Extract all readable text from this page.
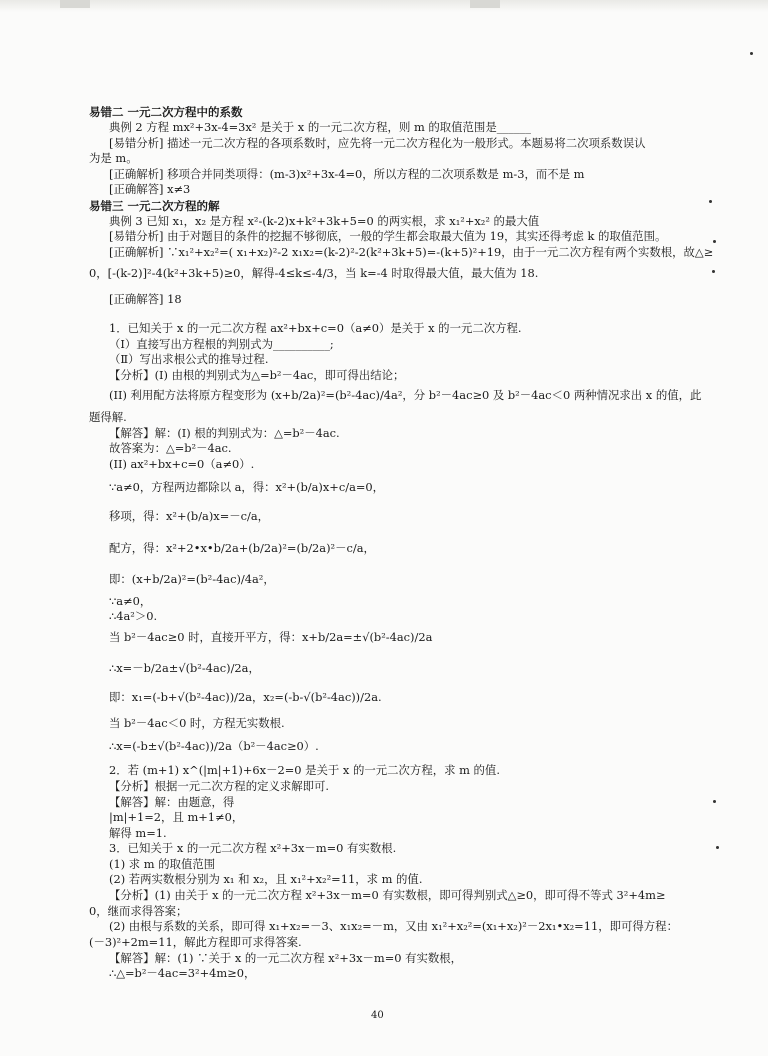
易错二 一元二次方程中的系数
典例 2 方程 mx²+3x-4=3x² 是关于 x 的一元二次方程，则 m 的取值范围是______
[易错分析] 描述一元二次方程的各项系数时，应先将一元二次方程化为一般形式。本题易将二次项系数误认
为是 m。
[正确解析] 移项合并同类项得：(m-3)x²+3x-4=0，所以方程的二次项系数是 m-3，而不是 m
[正确解答] x≠3
易错三 一元二次方程的解
典例 3 已知 x₁，x₂ 是方程 x²-(k-2)x+k²+3k+5=0 的两实根，求 x₁²+x₂² 的最大值
[易错分析] 由于对题目的条件的挖掘不够彻底，一般的学生都会取最大值为 19，其实还得考虑 k 的取值范围。
[正确解析] ∵x₁²+x₂²=( x₁+x₂)²-2 x₁x₂=(k-2)²-2(k²+3k+5)=-(k+5)²+19，由于一元二次方程有两个实数根，故△≥
0，[-(k-2)]²-4(k²+3k+5)≥0，解得-4≤k≤-4/3，当 k=-4 时取得最大值，最大值为 18.
[正确解答] 18
1．已知关于 x 的一元二次方程 ax²+bx+c=0（a≠0）是关于 x 的一元二次方程.
（Ⅰ）直接写出方程根的判别式为__________;
（Ⅱ）写出求根公式的推导过程.
【分析】(I) 由根的判别式为△=b²－4ac，即可得出结论；
(II) 利用配方法将原方程变形为 (x+b/2a)²=(b²-4ac)/4a²，分 b²－4ac≥0 及 b²－4ac＜0 两种情况求出 x 的值，此
题得解.
【解答】解：(I) 根的判别式为：△=b²－4ac.
故答案为：△=b²－4ac.
(II) ax²+bx+c=0（a≠0）.
∵a≠0，方程两边都除以 a，得：x²+(b/a)x+c/a=0，
移项，得：x²+(b/a)x=－c/a，
配方，得：x²+2•x•b/2a+(b/2a)²=(b/2a)²－c/a，
即：(x+b/2a)²=(b²-4ac)/4a²，
∵a≠0，
∴4a²＞0.
当 b²－4ac≥0 时，直接开平方，得：x+b/2a=±√(b²-4ac)/2a
∴x=－b/2a±√(b²-4ac)/2a，
即：x₁=(-b+√(b²-4ac))/2a，x₂=(-b-√(b²-4ac))/2a.
当 b²－4ac＜0 时，方程无实数根.
∴x=(-b±√(b²-4ac))/2a（b²－4ac≥0）.
2．若 (m+1) x^(|m|+1)+6x－2=0 是关于 x 的一元二次方程，求 m 的值.
【分析】根据一元二次方程的定义求解即可.
【解答】解：由题意，得
|m|+1=2，且 m+1≠0，
解得 m=1.
3．已知关于 x 的一元二次方程 x²+3x－m=0 有实数根.
(1) 求 m 的取值范围
(2) 若两实数根分别为 x₁ 和 x₂，且 x₁²+x₂²=11，求 m 的值.
【分析】(1) 由关于 x 的一元二次方程 x²+3x－m=0 有实数根，即可得判别式△≥0，即可得不等式 3²+4m≥
0，继而求得答案；
(2) 由根与系数的关系，即可得 x₁+x₂=－3、x₁x₂=－m，又由 x₁²+x₂²=(x₁+x₂)²－2x₁•x₂=11，即可得方程：
(－3)²+2m=11，解此方程即可求得答案.
【解答】解：(1) ∵关于 x 的一元二次方程 x²+3x－m=0 有实数根，
∴△=b²－4ac=3²+4m≥0，
40
